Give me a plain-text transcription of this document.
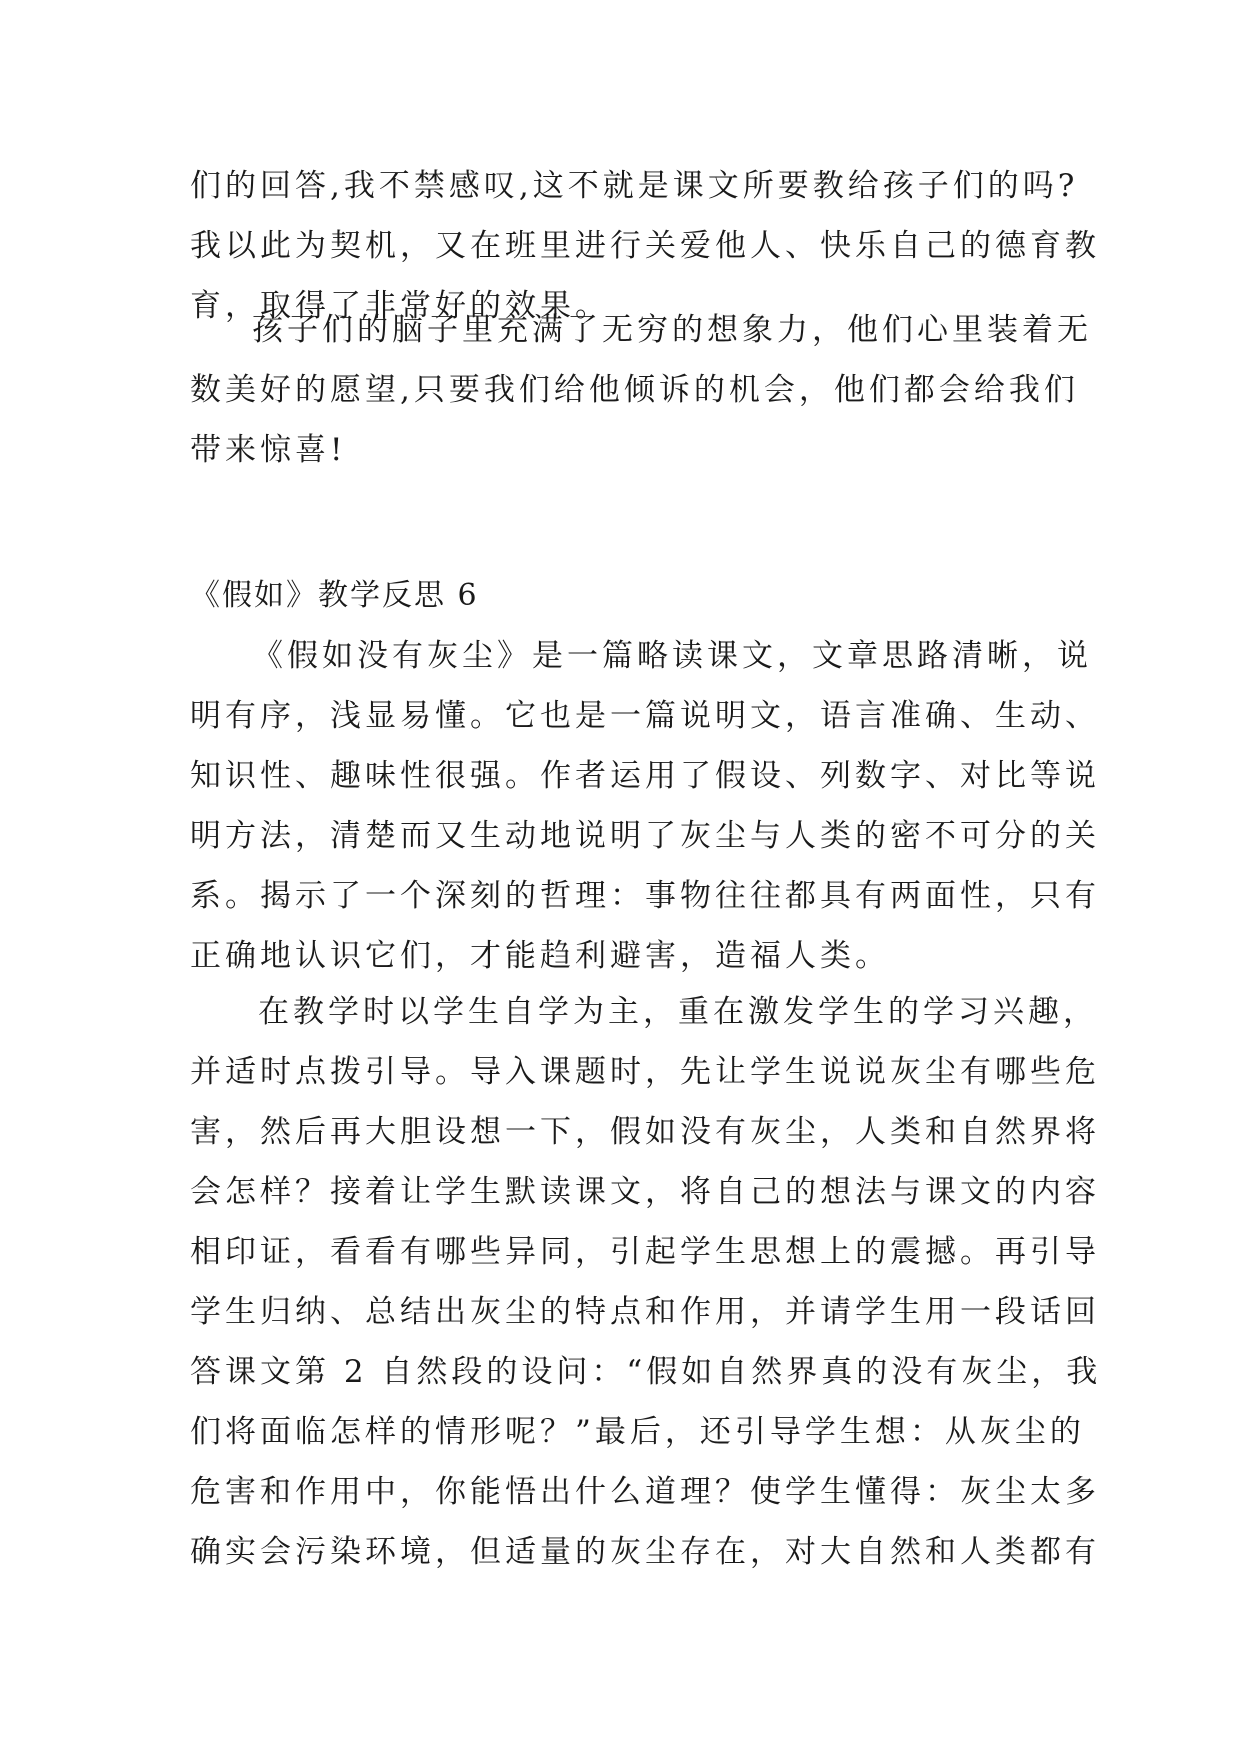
们的回答,我不禁感叹,这不就是课文所要教给孩子们的吗?
我以此为契机，又在班里进行关爱他人、快乐自己的德育教
育，取得了非常好的效果。
孩子们的脑子里充满了无穷的想象力，他们心里装着无
数美好的愿望,只要我们给他倾诉的机会，他们都会给我们
带来惊喜!
《假如》教学反思 6
《假如没有灰尘》是一篇略读课文，文章思路清晰，说
明有序，浅显易懂。它也是一篇说明文，语言准确、生动、
知识性、趣味性很强。作者运用了假设、列数字、对比等说
明方法，清楚而又生动地说明了灰尘与人类的密不可分的关
系。揭示了一个深刻的哲理：事物往往都具有两面性，只有
正确地认识它们，才能趋利避害，造福人类。
在教学时以学生自学为主，重在激发学生的学习兴趣，
并适时点拨引导。导入课题时，先让学生说说灰尘有哪些危
害，然后再大胆设想一下，假如没有灰尘，人类和自然界将
会怎样？接着让学生默读课文，将自己的想法与课文的内容
相印证，看看有哪些异同，引起学生思想上的震撼。再引导
学生归纳、总结出灰尘的特点和作用，并请学生用一段话回
答课文第 2 自然段的设问：“假如自然界真的没有灰尘，我
们将面临怎样的情形呢？”最后，还引导学生想：从灰尘的
危害和作用中，你能悟出什么道理？使学生懂得：灰尘太多
确实会污染环境，但适量的灰尘存在，对大自然和人类都有
